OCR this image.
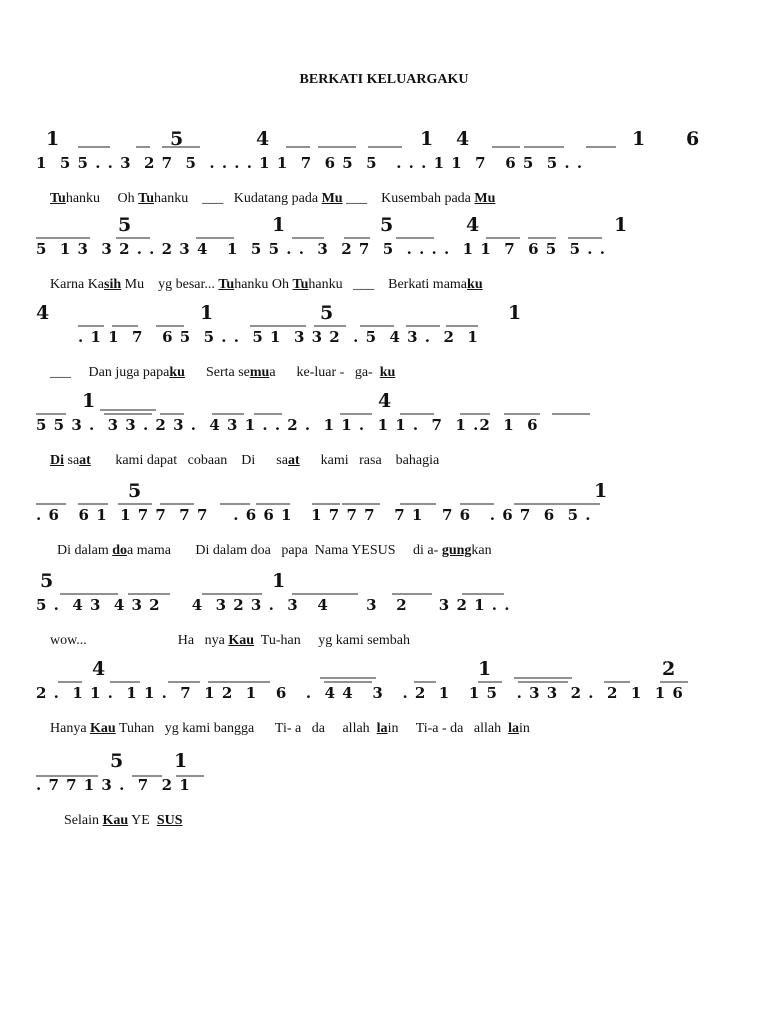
BERKATI KELUARGAKU
1	5	4	1 4	1 6
1  5 5 . . 3  2 7  5  . . . . 1 1  7  6 5  5   . . . 1 1  7   6 5  5 . .

Tuhanku     Oh Tuhanku    ___   Kudatang pada Mu ___    Kusembah pada Mu

5	1	5	4	1
5  1 3  3 2 . . 2 3 4   1  5 5 . .  3  2 7  5  . . . .  1 1  7  6 5  5 . .

Karna Kasih Mu    yg besar... Tuhanku Oh Tuhanku   ___    Berkati mamaku

4	1	5	1
. 1 1  7   6 5  5 . .  5 1  3 3 2  . 5  4 3 .  2  1

___     Dan juga papaku      Serta semua      ke-luar -   ga-  ku

1	4
5 5 3 .  3 3 . 2 3 .  4 3 1 . . 2 .  1 1 .  1 1 .  7  1 .2  1  6

Di saat       kami dapat   cobaan    Di      saat      kami   rasa    bahagia

5	1
. 6   6 1  1 7 7  7 7    . 6 6 1   1 7 7 7   7 1   7 6   . 6 7  6  5 .

Di dalam doa mama       Di dalam doa   papa  Nama YESUS     di a- gungkan

5	1
5 .  4 3  4 3 2     4  3 2 3 .  3   4      3   2     3 2 1 . .

wow...                          Ha   nya Kau  Tu-han     yg kami sembah

4	1	2
2 .  1 1 .  1 1 .  7  1 2  1   6   .  4 4   3   . 2  1   1 5   . 3 3  2 .  2  1  1 6

Hanya Kau Tuhan   yg kami bangga      Ti- a   da     allah  lain     Ti-a - da   allah  lain

5	1
. 7 7 1 3 .  7  2 1

Selain Kau YE  SUS
